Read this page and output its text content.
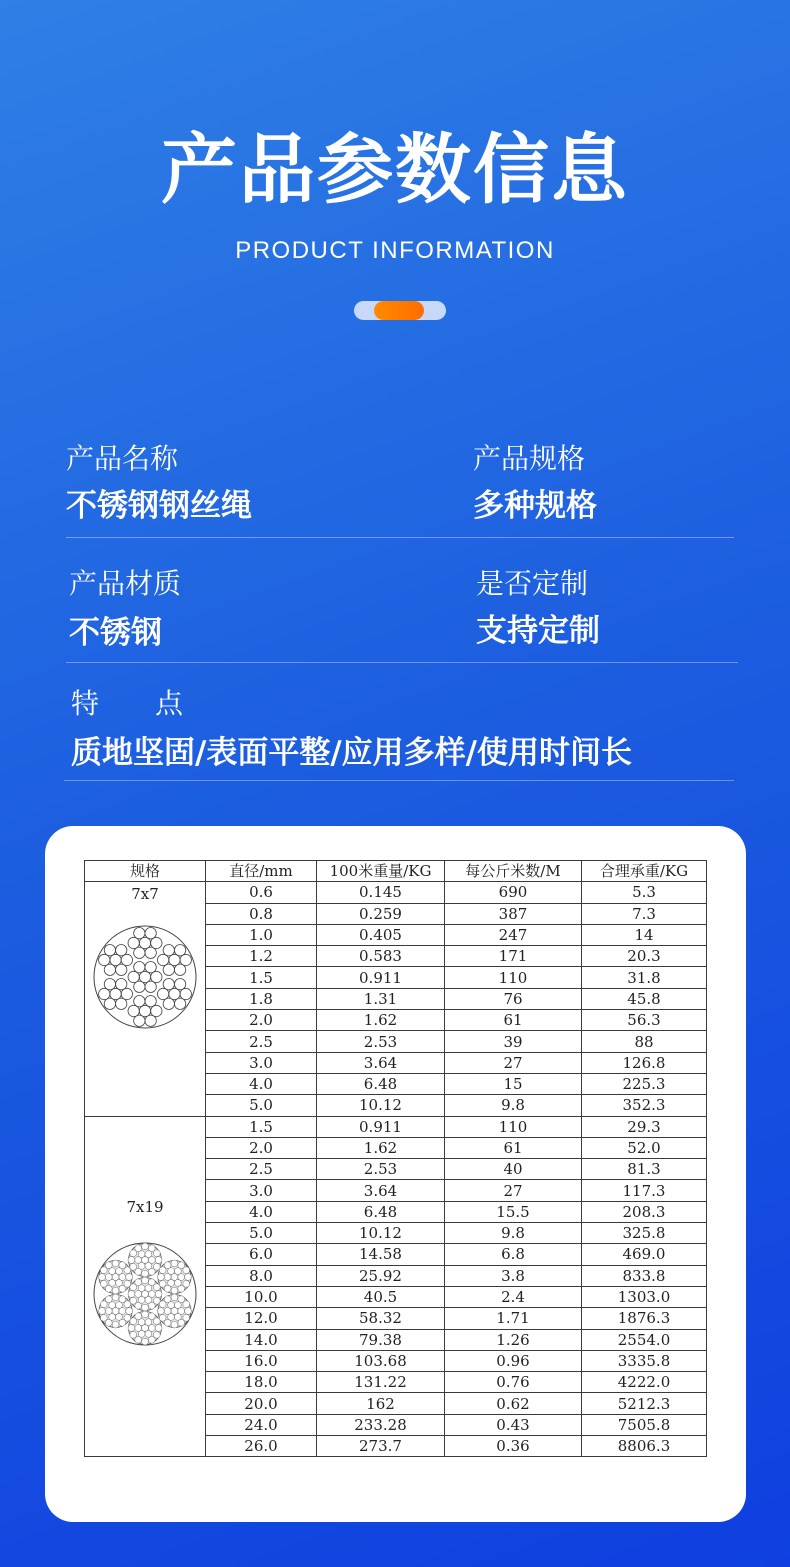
产品参数信息
PRODUCT INFORMATION
产品名称
不锈钢钢丝绳
产品规格
多种规格
产品材质
不锈钢
是否定制
支持定制
特　　点
质地坚固/表面平整/应用多样/使用时间长
规格	直径/mm	100米重量/KG	每公斤米数/M	合理承重/KG

7x7	0.6	0.145	690	5.3
	0.8	0.259	387	7.3
	1.0	0.405	247	14
	1.2	0.583	171	20.3
	1.5	0.911	110	31.8
	1.8	1.31	76	45.8
	2.0	1.62	61	56.3
	2.5	2.53	39	88
	3.0	3.64	27	126.8
	4.0	6.48	15	225.3
	5.0	10.12	9.8	352.3

7x19	1.5	0.911	110	29.3
	2.0	1.62	61	52.0
	2.5	2.53	40	81.3
	3.0	3.64	27	117.3
	4.0	6.48	15.5	208.3
	5.0	10.12	9.8	325.8
	6.0	14.58	6.8	469.0
	8.0	25.92	3.8	833.8
	10.0	40.5	2.4	1303.0
	12.0	58.32	1.71	1876.3
	14.0	79.38	1.26	2554.0
	16.0	103.68	0.96	3335.8
	18.0	131.22	0.76	4222.0
	20.0	162	0.62	5212.3
	24.0	233.28	0.43	7505.8
	26.0	273.7	0.36	8806.3
